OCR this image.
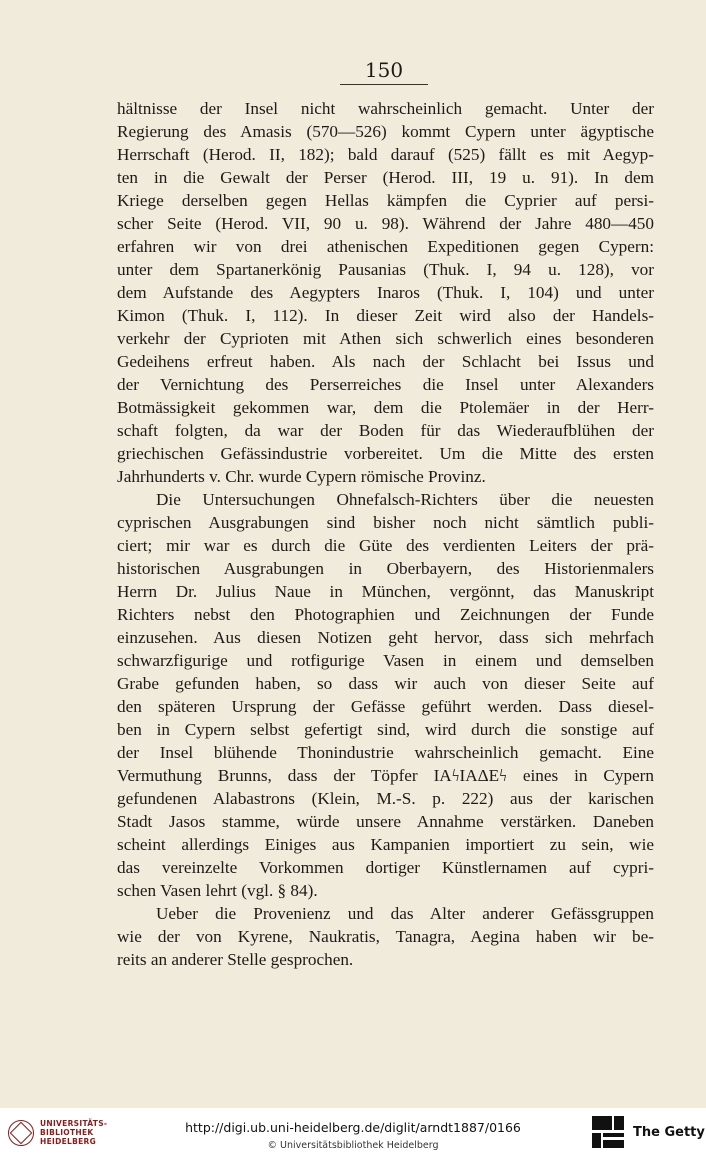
150
hältnisse der Insel nicht wahrscheinlich gemacht. Unter der
Regierung des Amasis (570—526) kommt Cypern unter ägyptische
Herrschaft (Herod. II, 182); bald darauf (525) fällt es mit Aegyp-
ten in die Gewalt der Perser (Herod. III, 19 u. 91). In dem
Kriege derselben gegen Hellas kämpfen die Cyprier auf persi-
scher Seite (Herod. VII, 90 u. 98). Während der Jahre 480—450
erfahren wir von drei athenischen Expeditionen gegen Cypern:
unter dem Spartanerkönig Pausanias (Thuk. I, 94 u. 128), vor
dem Aufstande des Aegypters Inaros (Thuk. I, 104) und unter
Kimon (Thuk. I, 112). In dieser Zeit wird also der Handels-
verkehr der Cyprioten mit Athen sich schwerlich eines besonderen
Gedeihens erfreut haben. Als nach der Schlacht bei Issus und
der Vernichtung des Perserreiches die Insel unter Alexanders
Botmässigkeit gekommen war, dem die Ptolemäer in der Herr-
schaft folgten, da war der Boden für das Wiederaufblühen der
griechischen Gefässindustrie vorbereitet. Um die Mitte des ersten
Jahrhunderts v. Chr. wurde Cypern römische Provinz.
Die Untersuchungen Ohnefalsch-Richters über die neuesten
cyprischen Ausgrabungen sind bisher noch nicht sämtlich publi-
ciert; mir war es durch die Güte des verdienten Leiters der prä-
historischen Ausgrabungen in Oberbayern, des Historienmalers
Herrn Dr. Julius Naue in München, vergönnt, das Manuskript
Richters nebst den Photographien und Zeichnungen der Funde
einzusehen. Aus diesen Notizen geht hervor, dass sich mehrfach
schwarzfigurige und rotfigurige Vasen in einem und demselben
Grabe gefunden haben, so dass wir auch von dieser Seite auf
den späteren Ursprung der Gefässe geführt werden. Dass diesel-
ben in Cypern selbst gefertigt sind, wird durch die sonstige auf
der Insel blühende Thonindustrie wahrscheinlich gemacht. Eine
Vermuthung Brunns, dass der Töpfer ΙΑϟΙΑΔΕϟ eines in Cypern
gefundenen Alabastrons (Klein, M.-S. p. 222) aus der karischen
Stadt Jasos stamme, würde unsere Annahme verstärken. Daneben
scheint allerdings Einiges aus Kampanien importiert zu sein, wie
das vereinzelte Vorkommen dortiger Künstlernamen auf cypri-
schen Vasen lehrt (vgl. § 84).
Ueber die Provenienz und das Alter anderer Gefässgruppen
wie der von Kyrene, Naukratis, Tanagra, Aegina haben wir be-
reits an anderer Stelle gesprochen.
UNIVERSITÄTS-
BIBLIOTHEK
HEIDELBERG
http://digi.ub.uni-heidelberg.de/diglit/arndt1887/0166
© Universitätsbibliothek Heidelberg
The Getty
